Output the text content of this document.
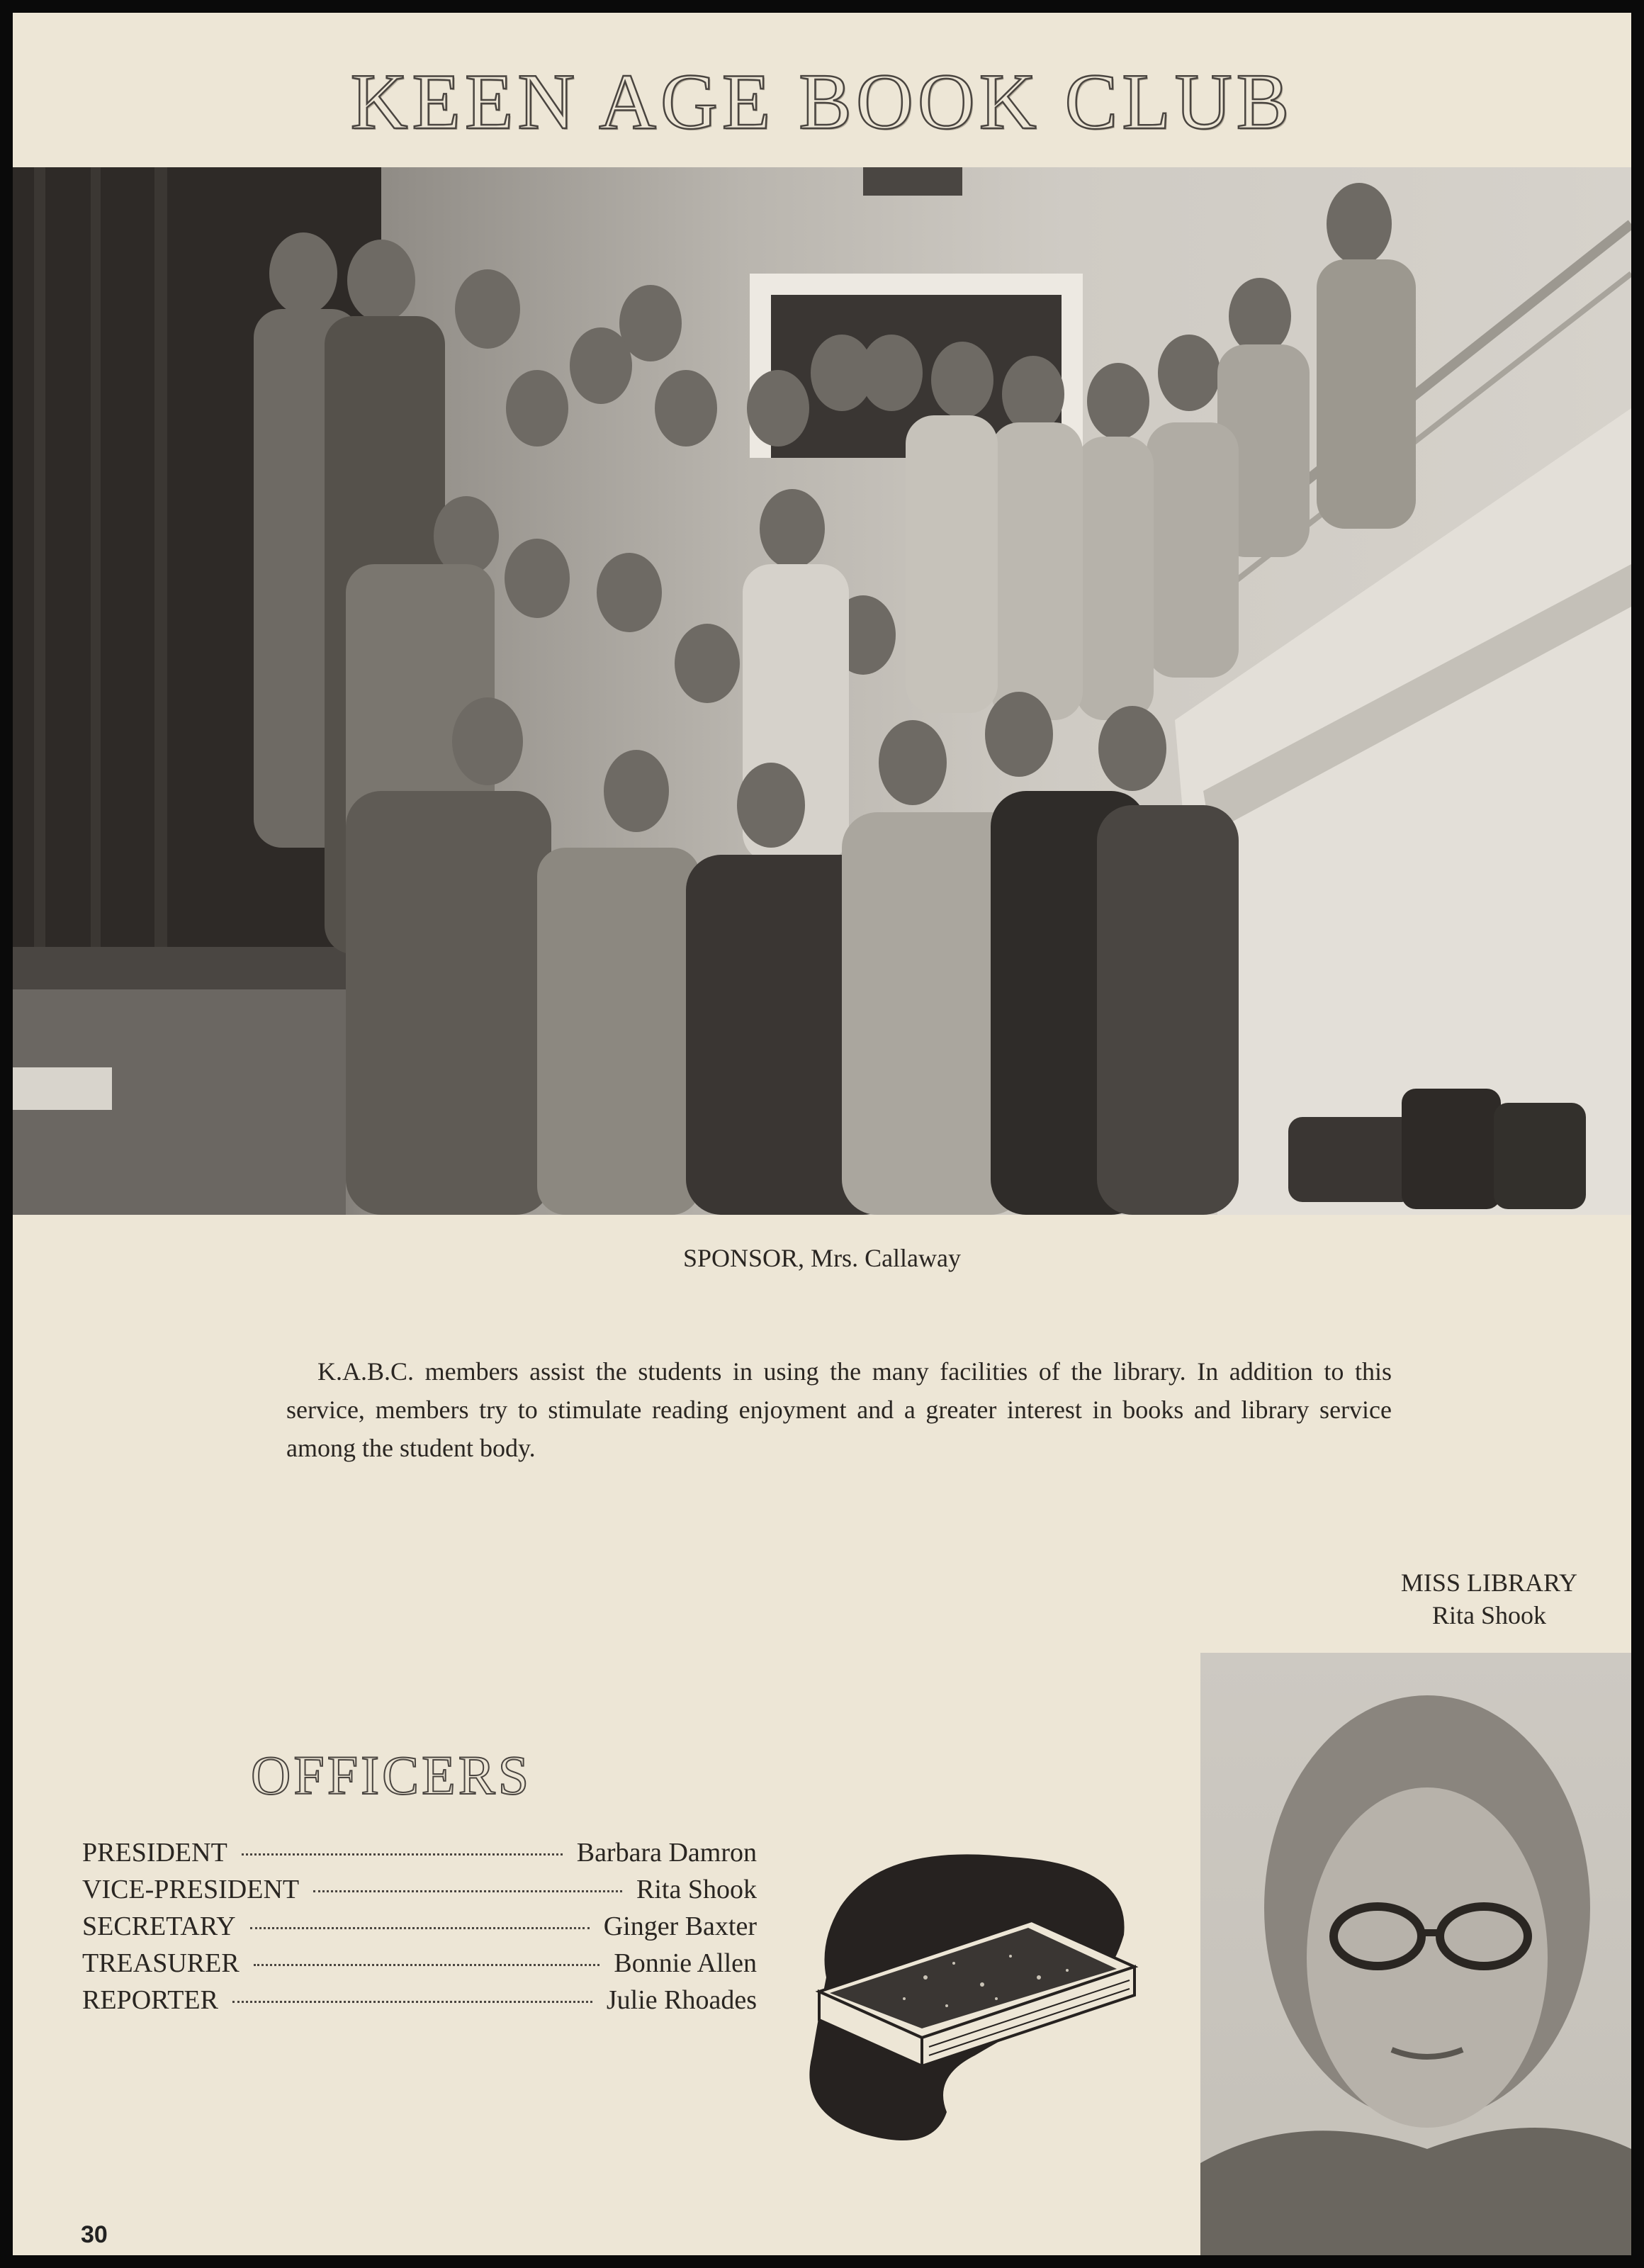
KEEN AGE BOOK CLUB
SPONSOR, Mrs. Callaway
K.A.B.C. members assist the students in using the many facilities of the library. In addition to this service, members try to stimulate reading enjoyment and a greater interest in books and library service among the student body.
MISS LIBRARY
Rita Shook
OFFICERS
PRESIDENT	Barbara Damron
VICE-PRESIDENT	Rita Shook
SECRETARY	Ginger Baxter
TREASURER	Bonnie Allen
REPORTER	Julie Rhoades
30
